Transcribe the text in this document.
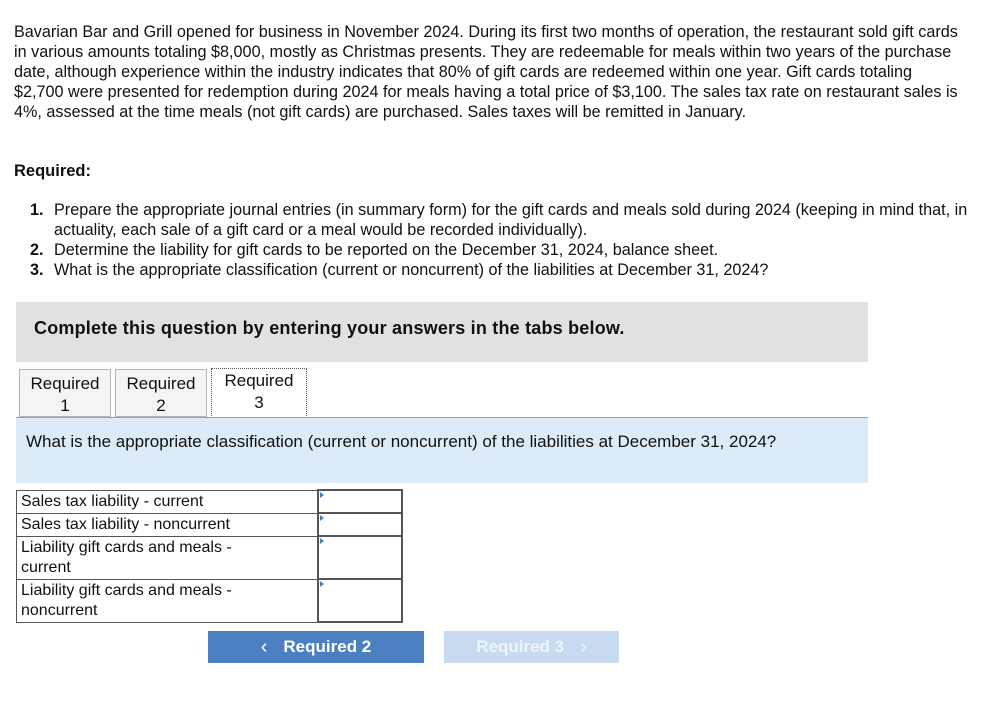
Bavarian Bar and Grill opened for business in November 2024. During its first two months of operation, the restaurant sold gift cards in various amounts totaling $8,000, mostly as Christmas presents. They are redeemable for meals within two years of the purchase date, although experience within the industry indicates that 80% of gift cards are redeemed within one year. Gift cards totaling $2,700 were presented for redemption during 2024 for meals having a total price of $3,100. The sales tax rate on restaurant sales is 4%, assessed at the time meals (not gift cards) are purchased. Sales taxes will be remitted in January.

Required:

1. Prepare the appropriate journal entries (in summary form) for the gift cards and meals sold during 2024 (keeping in mind that, in actuality, each sale of a gift card or a meal would be recorded individually).
2. Determine the liability for gift cards to be reported on the December 31, 2024, balance sheet.
3. What is the appropriate classification (current or noncurrent) of the liabilities at December 31, 2024?
Complete this question by entering your answers in the tabs below.
Required
1
Required
2
Required
3
What is the appropriate classification (current or noncurrent) of the liabilities at December 31, 2024?
Sales tax liability - current	

Sales tax liability - noncurrent	

Liability gift cards and meals -
current

Liability gift cards and meals -
noncurrent

‹ Required 2	Required 3 ›
